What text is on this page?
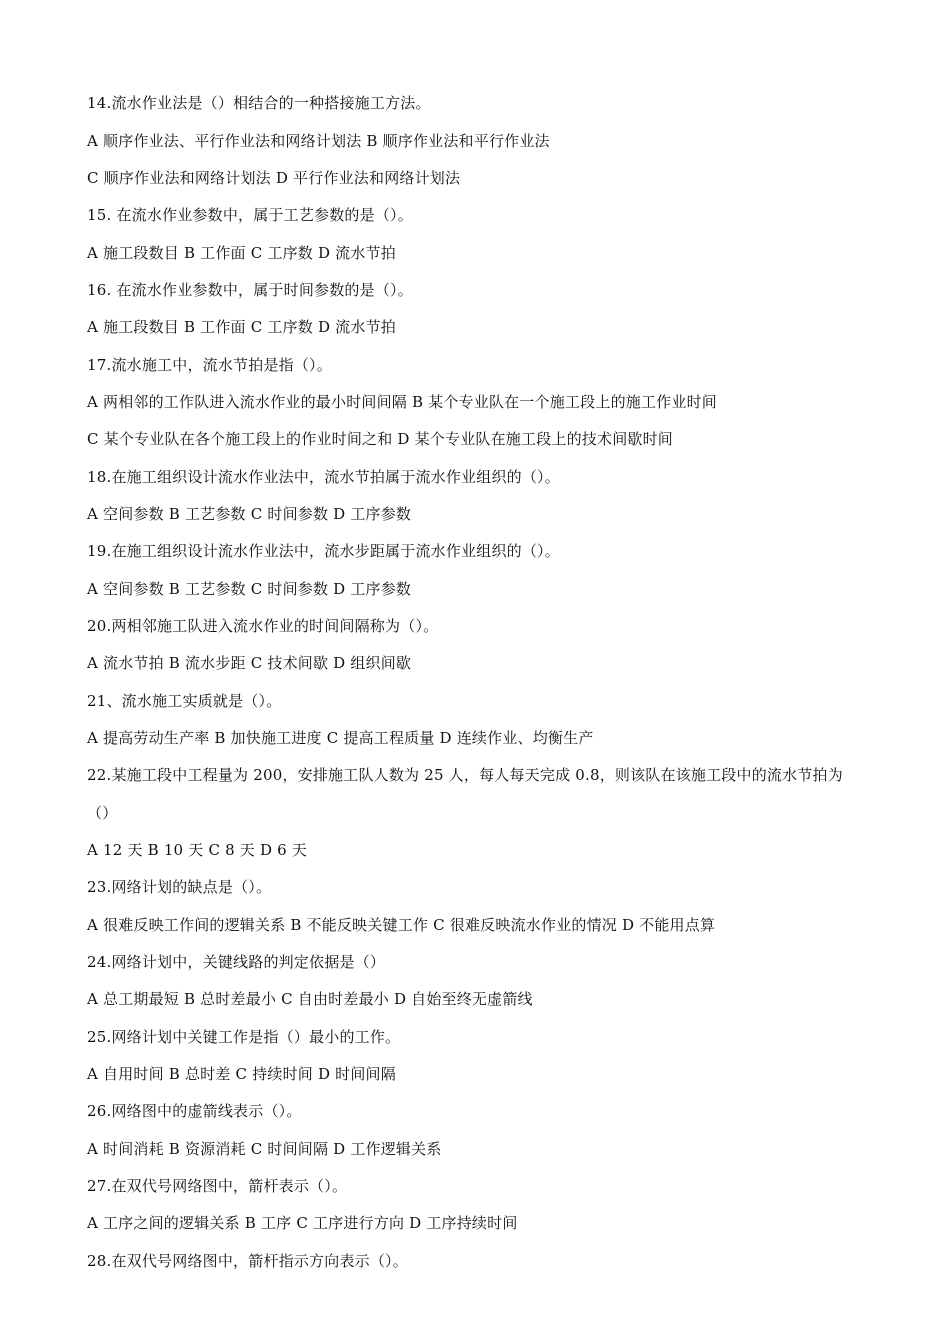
14.流水作业法是（）相结合的一种搭接施工方法。
A 顺序作业法、平行作业法和网络计划法 B 顺序作业法和平行作业法
C 顺序作业法和网络计划法 D 平行作业法和网络计划法
15. 在流水作业参数中，属于工艺参数的是（）。
A 施工段数目 B 工作面 C 工序数 D 流水节拍
16. 在流水作业参数中，属于时间参数的是（）。
A 施工段数目 B 工作面 C 工序数 D 流水节拍
17.流水施工中，流水节拍是指（）。
A 两相邻的工作队进入流水作业的最小时间间隔 B 某个专业队在一个施工段上的施工作业时间
C 某个专业队在各个施工段上的作业时间之和 D 某个专业队在施工段上的技术间歇时间
18.在施工组织设计流水作业法中，流水节拍属于流水作业组织的（）。
A 空间参数 B 工艺参数 C 时间参数 D 工序参数
19.在施工组织设计流水作业法中，流水步距属于流水作业组织的（）。
A 空间参数 B 工艺参数 C 时间参数 D 工序参数
20.两相邻施工队进入流水作业的时间间隔称为（）。
A 流水节拍 B 流水步距 C 技术间歇 D 组织间歇
21、流水施工实质就是（）。
A 提高劳动生产率 B 加快施工进度 C 提高工程质量 D 连续作业、均衡生产
22.某施工段中工程量为 200，安排施工队人数为 25 人，每人每天完成 0.8，则该队在该施工段中的流水节拍为
（）
A 12 天 B 10 天 C 8 天 D 6 天
23.网络计划的缺点是（）。
A 很难反映工作间的逻辑关系 B 不能反映关键工作 C 很难反映流水作业的情况 D 不能用点算
24.网络计划中，关键线路的判定依据是（）
A 总工期最短 B 总时差最小 C 自由时差最小 D 自始至终无虚箭线
25.网络计划中关键工作是指（）最小的工作。
A 自用时间 B 总时差 C 持续时间 D 时间间隔
26.网络图中的虚箭线表示（）。
A 时间消耗 B 资源消耗 C 时间间隔 D 工作逻辑关系
27.在双代号网络图中，箭杆表示（）。
A 工序之间的逻辑关系 B 工序 C 工序进行方向 D 工序持续时间
28.在双代号网络图中，箭杆指示方向表示（）。
